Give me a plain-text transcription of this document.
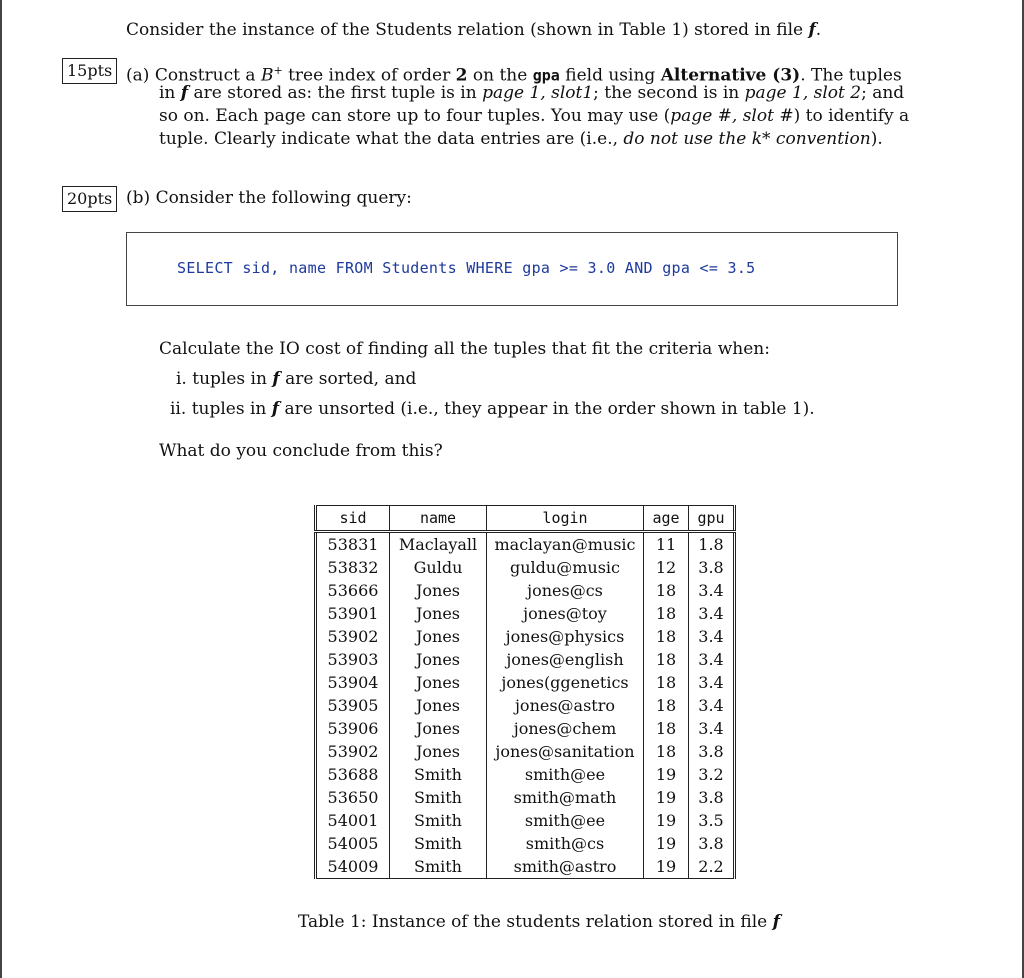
Consider the instance of the Students relation (shown in Table 1) stored in file f.
15pts (a) Construct a B+ tree index of order 2 on the gpa field using Alternative (3). The tuples
in f are stored as: the first tuple is in page 1, slot1; the second is in page 1, slot 2; and
so on. Each page can store up to four tuples. You may use (page #, slot #) to identify a
tuple. Clearly indicate what the data entries are (i.e., do not use the k* convention).
20pts (b) Consider the following query:
SELECT sid, name FROM Students WHERE gpa >= 3.0 AND gpa <= 3.5
Calculate the IO cost of finding all the tuples that fit the criteria when:
i. tuples in f are sorted, and
ii. tuples in f are unsorted (i.e., they appear in the order shown in table 1).
What do you conclude from this?
sid	name	login	age	gpu
53831	Maclayall	maclayan@music	11	1.8
53832	Guldu	guldu@music	12	3.8
53666	Jones	jones@cs	18	3.4
53901	Jones	jones@toy	18	3.4
53902	Jones	jones@physics	18	3.4
53903	Jones	jones@english	18	3.4
53904	Jones	jones(ggenetics	18	3.4
53905	Jones	jones@astro	18	3.4
53906	Jones	jones@chem	18	3.4
53902	Jones	jones@sanitation	18	3.8
53688	Smith	smith@ee	19	3.2
53650	Smith	smith@math	19	3.8
54001	Smith	smith@ee	19	3.5
54005	Smith	smith@cs	19	3.8
54009	Smith	smith@astro	19	2.2
Table 1: Instance of the students relation stored in file f
